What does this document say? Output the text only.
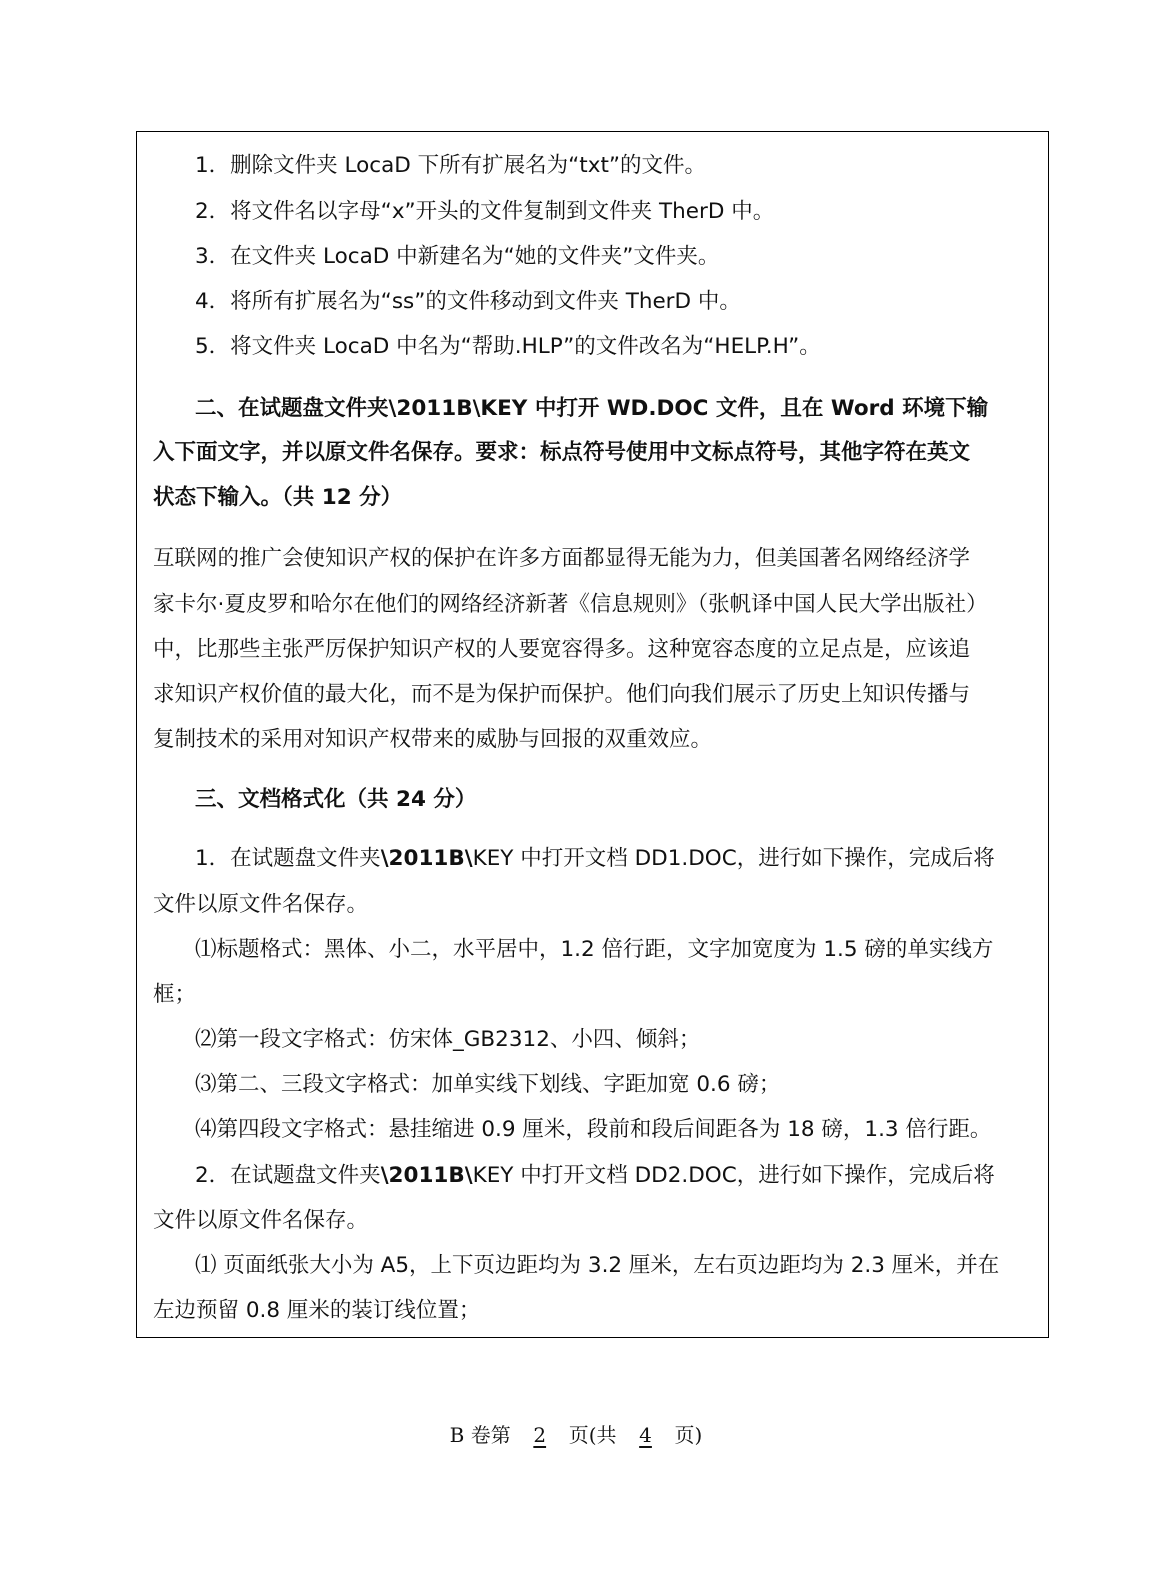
1．删除文件夹 LocaD 下所有扩展名为“txt”的文件。
2．将文件名以字母“x”开头的文件复制到文件夹 TherD 中。
3．在文件夹 LocaD 中新建名为“她的文件夹”文件夹。
4．将所有扩展名为“ss”的文件移动到文件夹 TherD 中。
5．将文件夹 LocaD 中名为“帮助.HLP”的文件改名为“HELP.H”。
二、在试题盘文件夹\2011B\KEY 中打开 WD.DOC 文件，且在 Word 环境下输
入下面文字，并以原文件名保存。要求：标点符号使用中文标点符号，其他字符在英文
状态下输入。（共 12 分）
互联网的推广会使知识产权的保护在许多方面都显得无能为力，但美国著名网络经济学
家卡尔·夏皮罗和哈尔在他们的网络经济新著《信息规则》（张帆译中国人民大学出版社）
中，比那些主张严厉保护知识产权的人要宽容得多。这种宽容态度的立足点是，应该追
求知识产权价值的最大化，而不是为保护而保护。他们向我们展示了历史上知识传播与
复制技术的采用对知识产权带来的威胁与回报的双重效应。
三、文档格式化（共 24 分）
1．在试题盘文件夹\2011B\KEY 中打开文档 DD1.DOC，进行如下操作，完成后将
文件以原文件名保存。
⑴标题格式：黑体、小二，水平居中，1.2 倍行距，文字加宽度为 1.5 磅的单实线方
框；
⑵第一段文字格式：仿宋体_GB2312、小四、倾斜；
⑶第二、三段文字格式：加单实线下划线、字距加宽 0.6 磅；
⑷第四段文字格式：悬挂缩进 0.9 厘米，段前和段后间距各为 18 磅，1.3 倍行距。
2．在试题盘文件夹\2011B\KEY 中打开文档 DD2.DOC，进行如下操作，完成后将
文件以原文件名保存。
⑴ 页面纸张大小为 A5，上下页边距均为 3.2 厘米，左右页边距均为 2.3 厘米，并在
左边预留 0.8 厘米的装订线位置；
B 卷第 2 页(共 4 页)
